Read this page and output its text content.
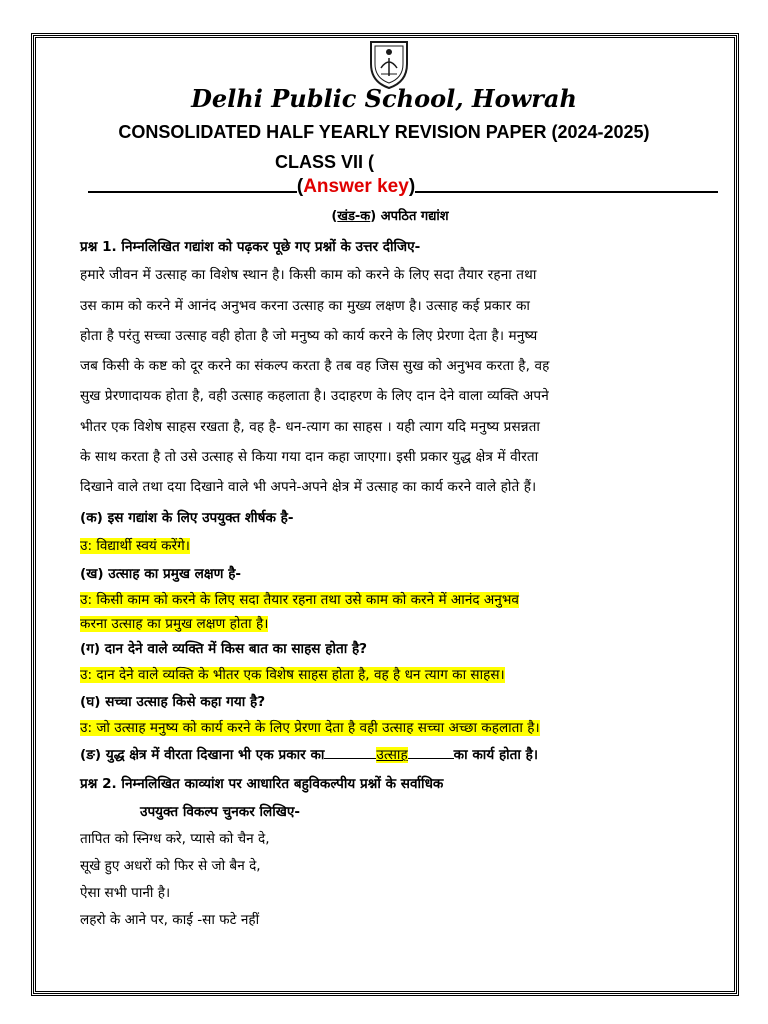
Delhi Public School, Howrah
CONSOLIDATED HALF YEARLY REVISION PAPER (2024-2025)
CLASS VII (
( Answer key )
(खंड-क) अपठित गद्यांश
प्रश्न 1. निम्नलिखित गद्यांश को पढ़कर पूछे गए प्रश्नों के उत्तर दीजिए-
हमारे जीवन में उत्साह का विशेष स्थान है। किसी काम को करने के लिए सदा तैयार रहना तथा
उस काम को करने में आनंद अनुभव करना उत्साह का मुख्य लक्षण है। उत्साह कई प्रकार का
होता है परंतु सच्चा उत्साह वही होता है जो मनुष्य को कार्य करने के लिए प्रेरणा देता है। मनुष्य
जब किसी के कष्ट को दूर करने का संकल्प करता है तब वह जिस सुख को अनुभव करता है, वह
सुख प्रेरणादायक होता है, वही उत्साह कहलाता है। उदाहरण के लिए दान देने वाला व्यक्ति अपने
भीतर एक विशेष साहस रखता है, वह है- धन-त्याग का साहस । यही त्याग यदि मनुष्य प्रसन्नता
के साथ करता है तो उसे उत्साह से किया गया दान कहा जाएगा। इसी प्रकार युद्ध क्षेत्र में वीरता
दिखाने वाले तथा दया दिखाने वाले भी अपने-अपने क्षेत्र में उत्साह का कार्य करने वाले होते हैं।
(क) इस गद्यांश के लिए उपयुक्त शीर्षक है-
उ: विद्यार्थी स्वयं करेंगे।
(ख) उत्साह का प्रमुख लक्षण है-
उ: किसी काम को करने के लिए सदा तैयार रहना तथा उसे काम को करने में आनंद अनुभव
करना उत्साह का प्रमुख लक्षण होता है।
(ग) दान देने वाले व्यक्ति में किस बात का साहस होता है?
उ: दान देने वाले व्यक्ति के भीतर एक विशेष साहस होता है, वह है धन त्याग का साहस।
(घ) सच्चा उत्साह किसे कहा गया है?
उ: जो उत्साह मनुष्य को कार्य करने के लिए प्रेरणा देता है वही उत्साह सच्चा अच्छा कहलाता है।
(ङ) युद्ध क्षेत्र में वीरता दिखाना भी एक प्रकार का	उत्साह	का कार्य होता है।
प्रश्न 2. निम्नलिखित काव्यांश पर आधारित बहुविकल्पीय प्रश्नों के सर्वाधिक
उपयुक्त विकल्प चुनकर लिखिए-
तापित को स्निग्ध करे, प्यासे को चैन दे,
सूखे हुए अधरों को फिर से जो बैन दे,
ऐसा सभी पानी है।
लहरो के आने पर, काई -सा फटे नहीं
